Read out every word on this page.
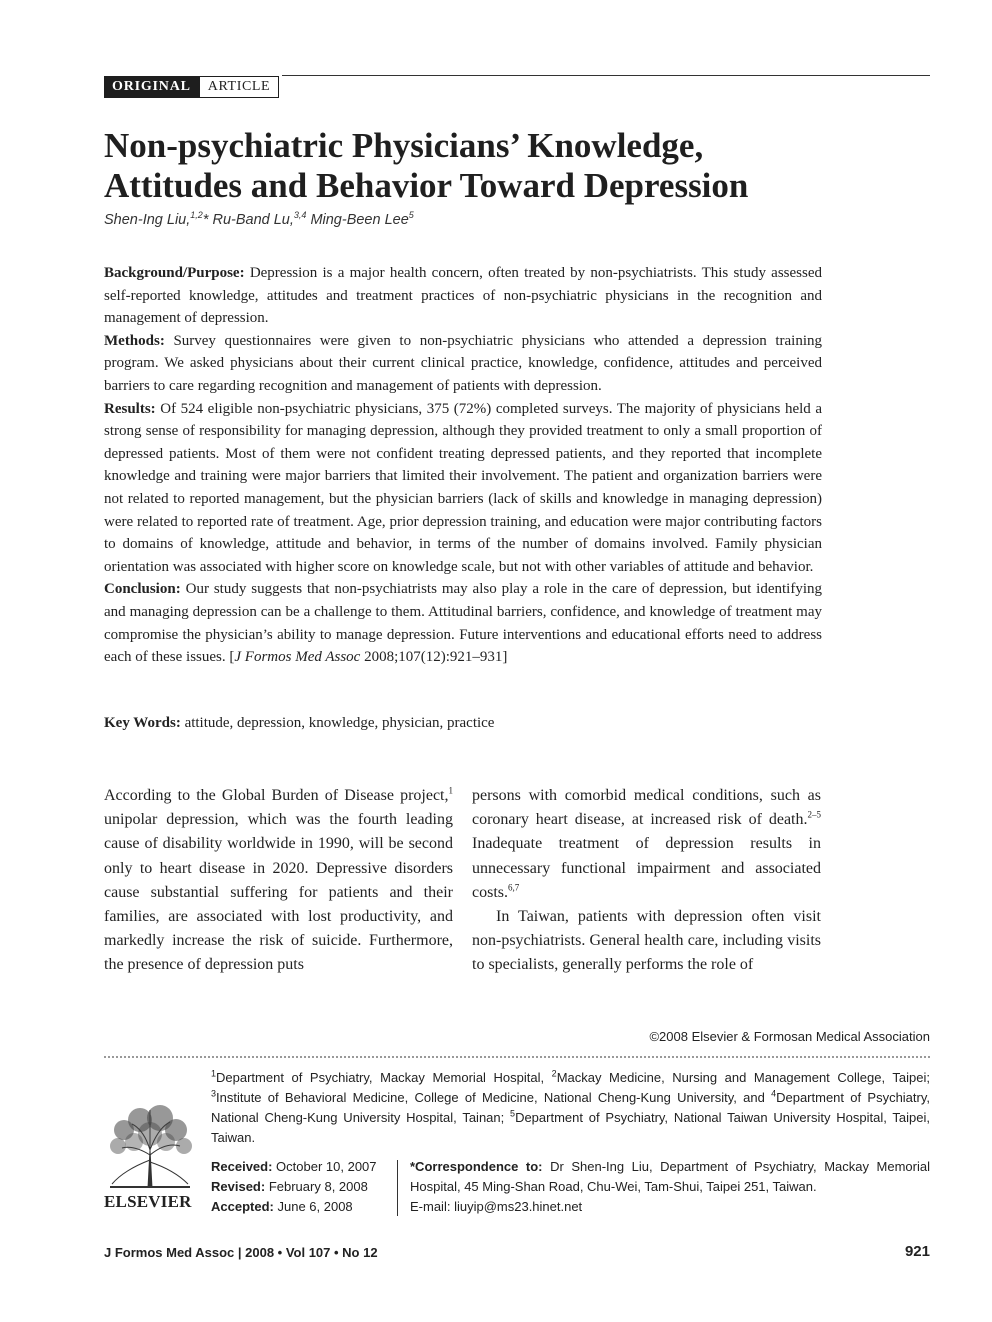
ORIGINAL	ARTICLE
Non-psychiatric Physicians’ Knowledge,
Attitudes and Behavior Toward Depression
Shen-Ing Liu,$^{1,2}$* Ru-Band Lu,$^{3,4}$ Ming-Been Lee$^5$

Background/Purpose: Depression is a major health concern, often treated by non-psychiatrists. This study assessed self-reported knowledge, attitudes and treatment practices of non-psychiatric physicians in the recognition and management of depression.

Methods: Survey questionnaires were given to non-psychiatric physicians who attended a depression training program. We asked physicians about their current clinical practice, knowledge, confidence, attitudes and perceived barriers to care regarding recognition and management of patients with depression.

Results: Of 524 eligible non-psychiatric physicians, 375 (72%) completed surveys. The majority of physicians held a strong sense of responsibility for managing depression, although they provided treatment to only a small proportion of depressed patients. Most of them were not confident treating depressed patients, and they reported that incomplete knowledge and training were major barriers that limited their involvement. The patient and organization barriers were not related to reported management, but the physician barriers (lack of skills and knowledge in managing depression) were related to reported rate of treatment. Age, prior depression training, and education were major contributing factors to domains of knowledge, attitude and behavior, in terms of the number of domains involved. Family physician orientation was associated with higher score on knowledge scale, but not with other variables of attitude and behavior.

Conclusion: Our study suggests that non-psychiatrists may also play a role in the care of depression, but identifying and managing depression can be a challenge to them. Attitudinal barriers, confidence, and knowledge of treatment may compromise the physician’s ability to manage depression. Future interventions and educational efforts need to address each of these issues. [J Formos Med Assoc 2008;107(12):921–931]

Key Words: attitude, depression, knowledge, physician, practice

According to the Global Burden of Disease project,$^1$ unipolar depression, which was the fourth leading cause of disability worldwide in 1990, will be second only to heart disease in 2020. Depressive disorders cause substantial suffering for patients and their families, are associated with lost productivity, and markedly increase the risk of suicide. Furthermore, the presence of depression puts

persons with comorbid medical conditions, such as coronary heart disease, at increased risk of death.$^{2-5}$ Inadequate treatment of depression results in unnecessary functional impairment and associated costs.$^{6,7}$

In Taiwan, patients with depression often visit non-psychiatrists. General health care, including visits to specialists, generally performs the role of

©2008 Elsevier & Formosan Medical Association
ELSEVIER
$^1$Department of Psychiatry, Mackay Memorial Hospital, $^2$Mackay Medicine, Nursing and Management College, Taipei; $^3$Institute of Behavioral Medicine, College of Medicine, National Cheng-Kung University, and $^4$Department of Psychiatry, National Cheng-Kung University Hospital, Tainan; $^5$Department of Psychiatry, National Taiwan University Hospital, Taipei, Taiwan.
Received: October 10, 2007
Revised: February 8, 2008
Accepted: June 6, 2008
*Correspondence to: Dr Shen-Ing Liu, Department of Psychiatry, Mackay Memorial Hospital, 45 Ming-Shan Road, Chu-Wei, Tam-Shui, Taipei 251, Taiwan.
E-mail: liuyip@ms23.hinet.net
J Formos Med Assoc | 2008 • Vol 107 • No 12	921
